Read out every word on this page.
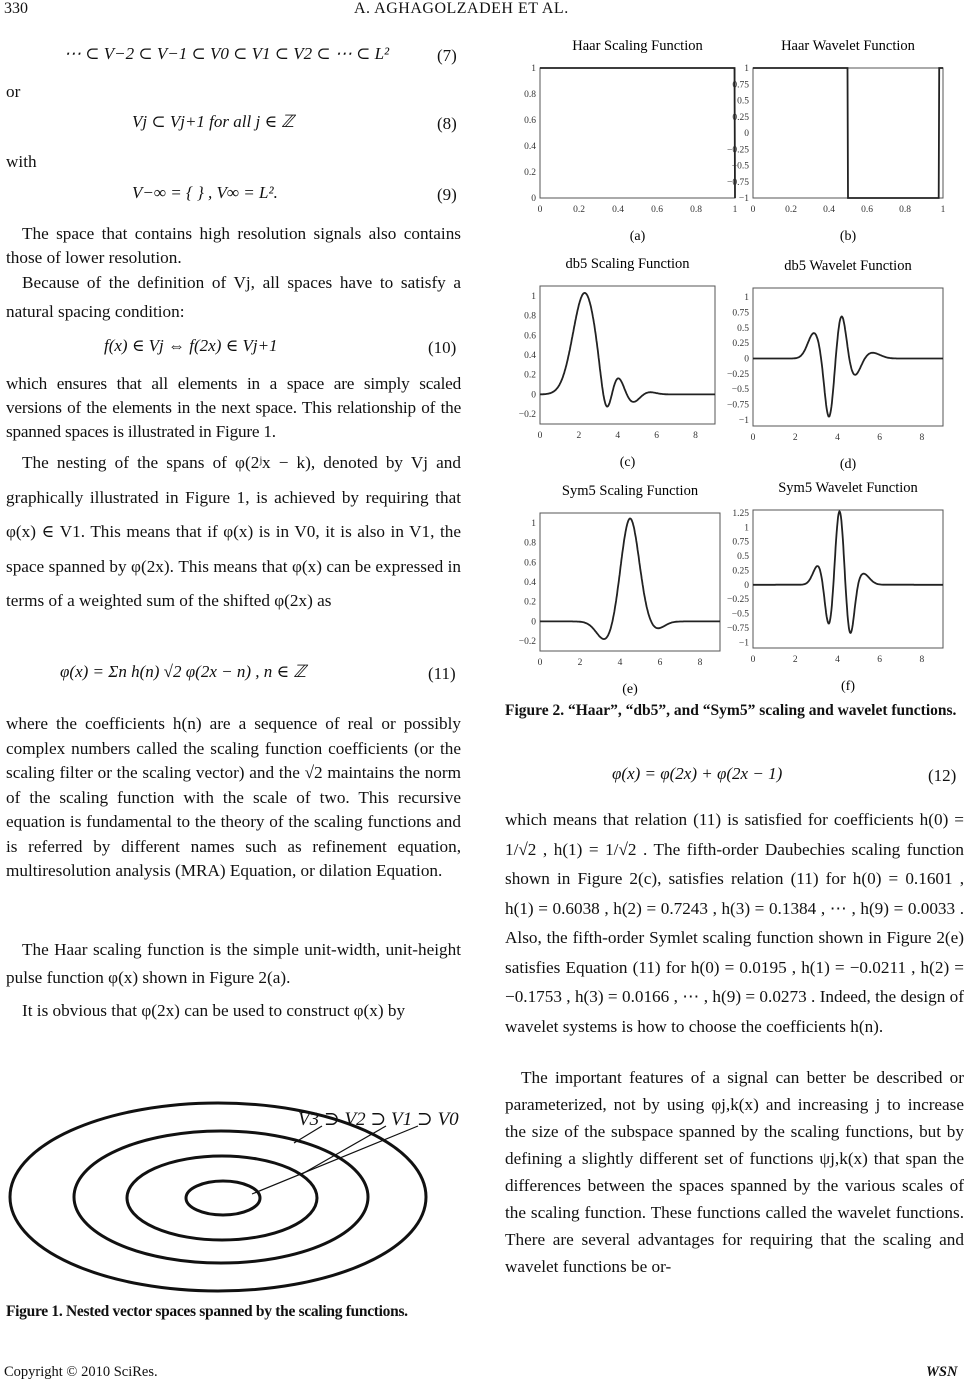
330	A. AGHAGOLZADEH ET AL.
⋯ ⊂ V−2 ⊂ V−1 ⊂ V0 ⊂ V1 ⊂ V2 ⊂ ⋯ ⊂ L²	(7)
or
Vj ⊂ Vj+1 for all j ∈ ℤ	(8)
with
V−∞ = { } , V∞ = L².	(9)
The space that contains high resolution signals also contains those of lower resolution.
Because of the definition of Vj, all spaces have to satisfy a natural spacing condition:
f(x) ∈ Vj ⇔ f(2x) ∈ Vj+1	(10)
which ensures that all elements in a space are simply scaled versions of the elements in the next space. This relationship of the spanned spaces is illustrated in Figure 1.
The nesting of the spans of φ(2ʲx − k), denoted by Vj and graphically illustrated in Figure 1, is achieved by requiring that φ(x) ∈ V1. This means that if φ(x) is in V0, it is also in V1, the space spanned by φ(2x). This means that φ(x) can be expressed in terms of a weighted sum of the shifted φ(2x) as
φ(x) = Σn h(n) √2 φ(2x − n) , n ∈ ℤ	(11)
where the coefficients h(n) are a sequence of real or possibly complex numbers called the scaling function coefficients (or the scaling filter or the scaling vector) and the √2 maintains the norm of the scaling function with the scale of two. This recursive equation is fundamental to the theory of the scaling functions and is referred by different names such as refinement equation, multiresolution analysis (MRA) Equation, or dilation Equation.
The Haar scaling function is the simple unit-width, unit-height pulse function φ(x) shown in Figure 2(a).
It is obvious that φ(2x) can be used to construct φ(x) by
V3 ⊃ V2 ⊃ V1 ⊃ V0
Figure 1. Nested vector spaces spanned by the scaling functions.
Haar Scaling Function
(a)
0	0.2	0.4	0.6	0.8	1
0
0.2
0.4
0.6
0.8
1
Haar Wavelet Function
(b)
0	0.2	0.4	0.6	0.8	1
−1
−0.75
−0.5
−0.25
0
0.25
0.5
0.75
1
db5 Scaling Function
(c)
0	2	4	6	8
−0.2
0
0.2
0.4
0.6
0.8
1
db5 Wavelet Function
(d)
0	2	4	6	8
−1
−0.75
−0.5
−0.25
0
0.25
0.5
0.75
1
Sym5 Scaling Function
(e)
0	2	4	6	8
−0.2
0
0.2
0.4
0.6
0.8
1
Sym5 Wavelet Function
(f)
0	2	4	6	8
−1
−0.75
−0.5
−0.25
0
0.25
0.5
0.75
1
1.25
Figure 2. “Haar”, “db5”, and “Sym5” scaling and wavelet functions.
φ(x) = φ(2x) + φ(2x − 1)	(12)
which means that relation (11) is satisfied for coefficients h(0) = 1/√2 , h(1) = 1/√2 . The fifth-order Daubechies scaling function shown in Figure 2(c), satisfies relation (11) for h(0) = 0.1601 , h(1) = 0.6038 , h(2) = 0.7243 , h(3) = 0.1384 , ⋯ , h(9) = 0.0033 . Also, the fifth-order Symlet scaling function shown in Figure 2(e) satisfies Equation (11) for h(0) = 0.0195 , h(1) = −0.0211 , h(2) = −0.1753 , h(3) = 0.0166 , ⋯ , h(9) = 0.0273 . Indeed, the design of wavelet systems is how to choose the coefficients h(n).
The important features of a signal can better be described or parameterized, not by using φj,k(x) and increasing j to increase the size of the subspace spanned by the scaling functions, but by defining a slightly different set of functions ψj,k(x) that span the differences between the spaces spanned by the various scales of the scaling function. These functions called the wavelet functions. There are several advantages for requiring that the scaling and wavelet functions be or-
Copyright © 2010 SciRes.	WSN
